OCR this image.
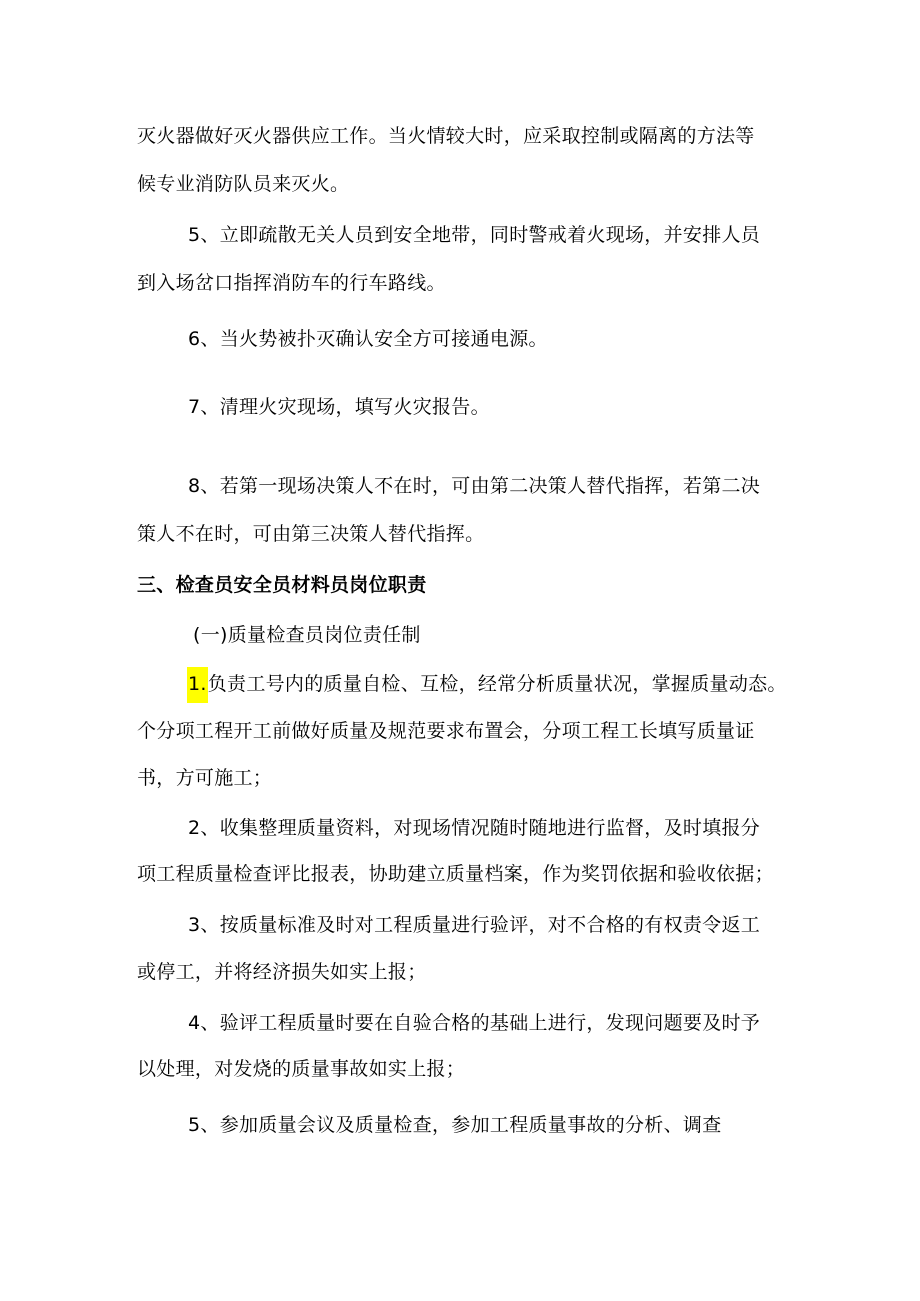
灭火器做好灭火器供应工作。当火情较大时，应采取控制或隔离的方法等
候专业消防队员来灭火。
5、立即疏散无关人员到安全地带，同时警戒着火现场，并安排人员
到入场岔口指挥消防车的行车路线。
6、当火势被扑灭确认安全方可接通电源。
7、清理火灾现场，填写火灾报告。
8、若第一现场决策人不在时，可由第二决策人替代指挥，若第二决
策人不在时，可由第三决策人替代指挥。
三、检查员安全员材料员岗位职责
(一)质量检查员岗位责任制
1.负责工号内的质量自检、互检，经常分析质量状况，掌握质量动态。
个分项工程开工前做好质量及规范要求布置会，分项工程工长填写质量证
书，方可施工；
2、收集整理质量资料，对现场情况随时随地进行监督，及时填报分
项工程质量检查评比报表，协助建立质量档案，作为奖罚依据和验收依据；
3、按质量标准及时对工程质量进行验评，对不合格的有权责令返工
或停工，并将经济损失如实上报；
4、验评工程质量时要在自验合格的基础上进行，发现问题要及时予
以处理，对发烧的质量事故如实上报；
5、参加质量会议及质量检查，参加工程质量事故的分析、调查
